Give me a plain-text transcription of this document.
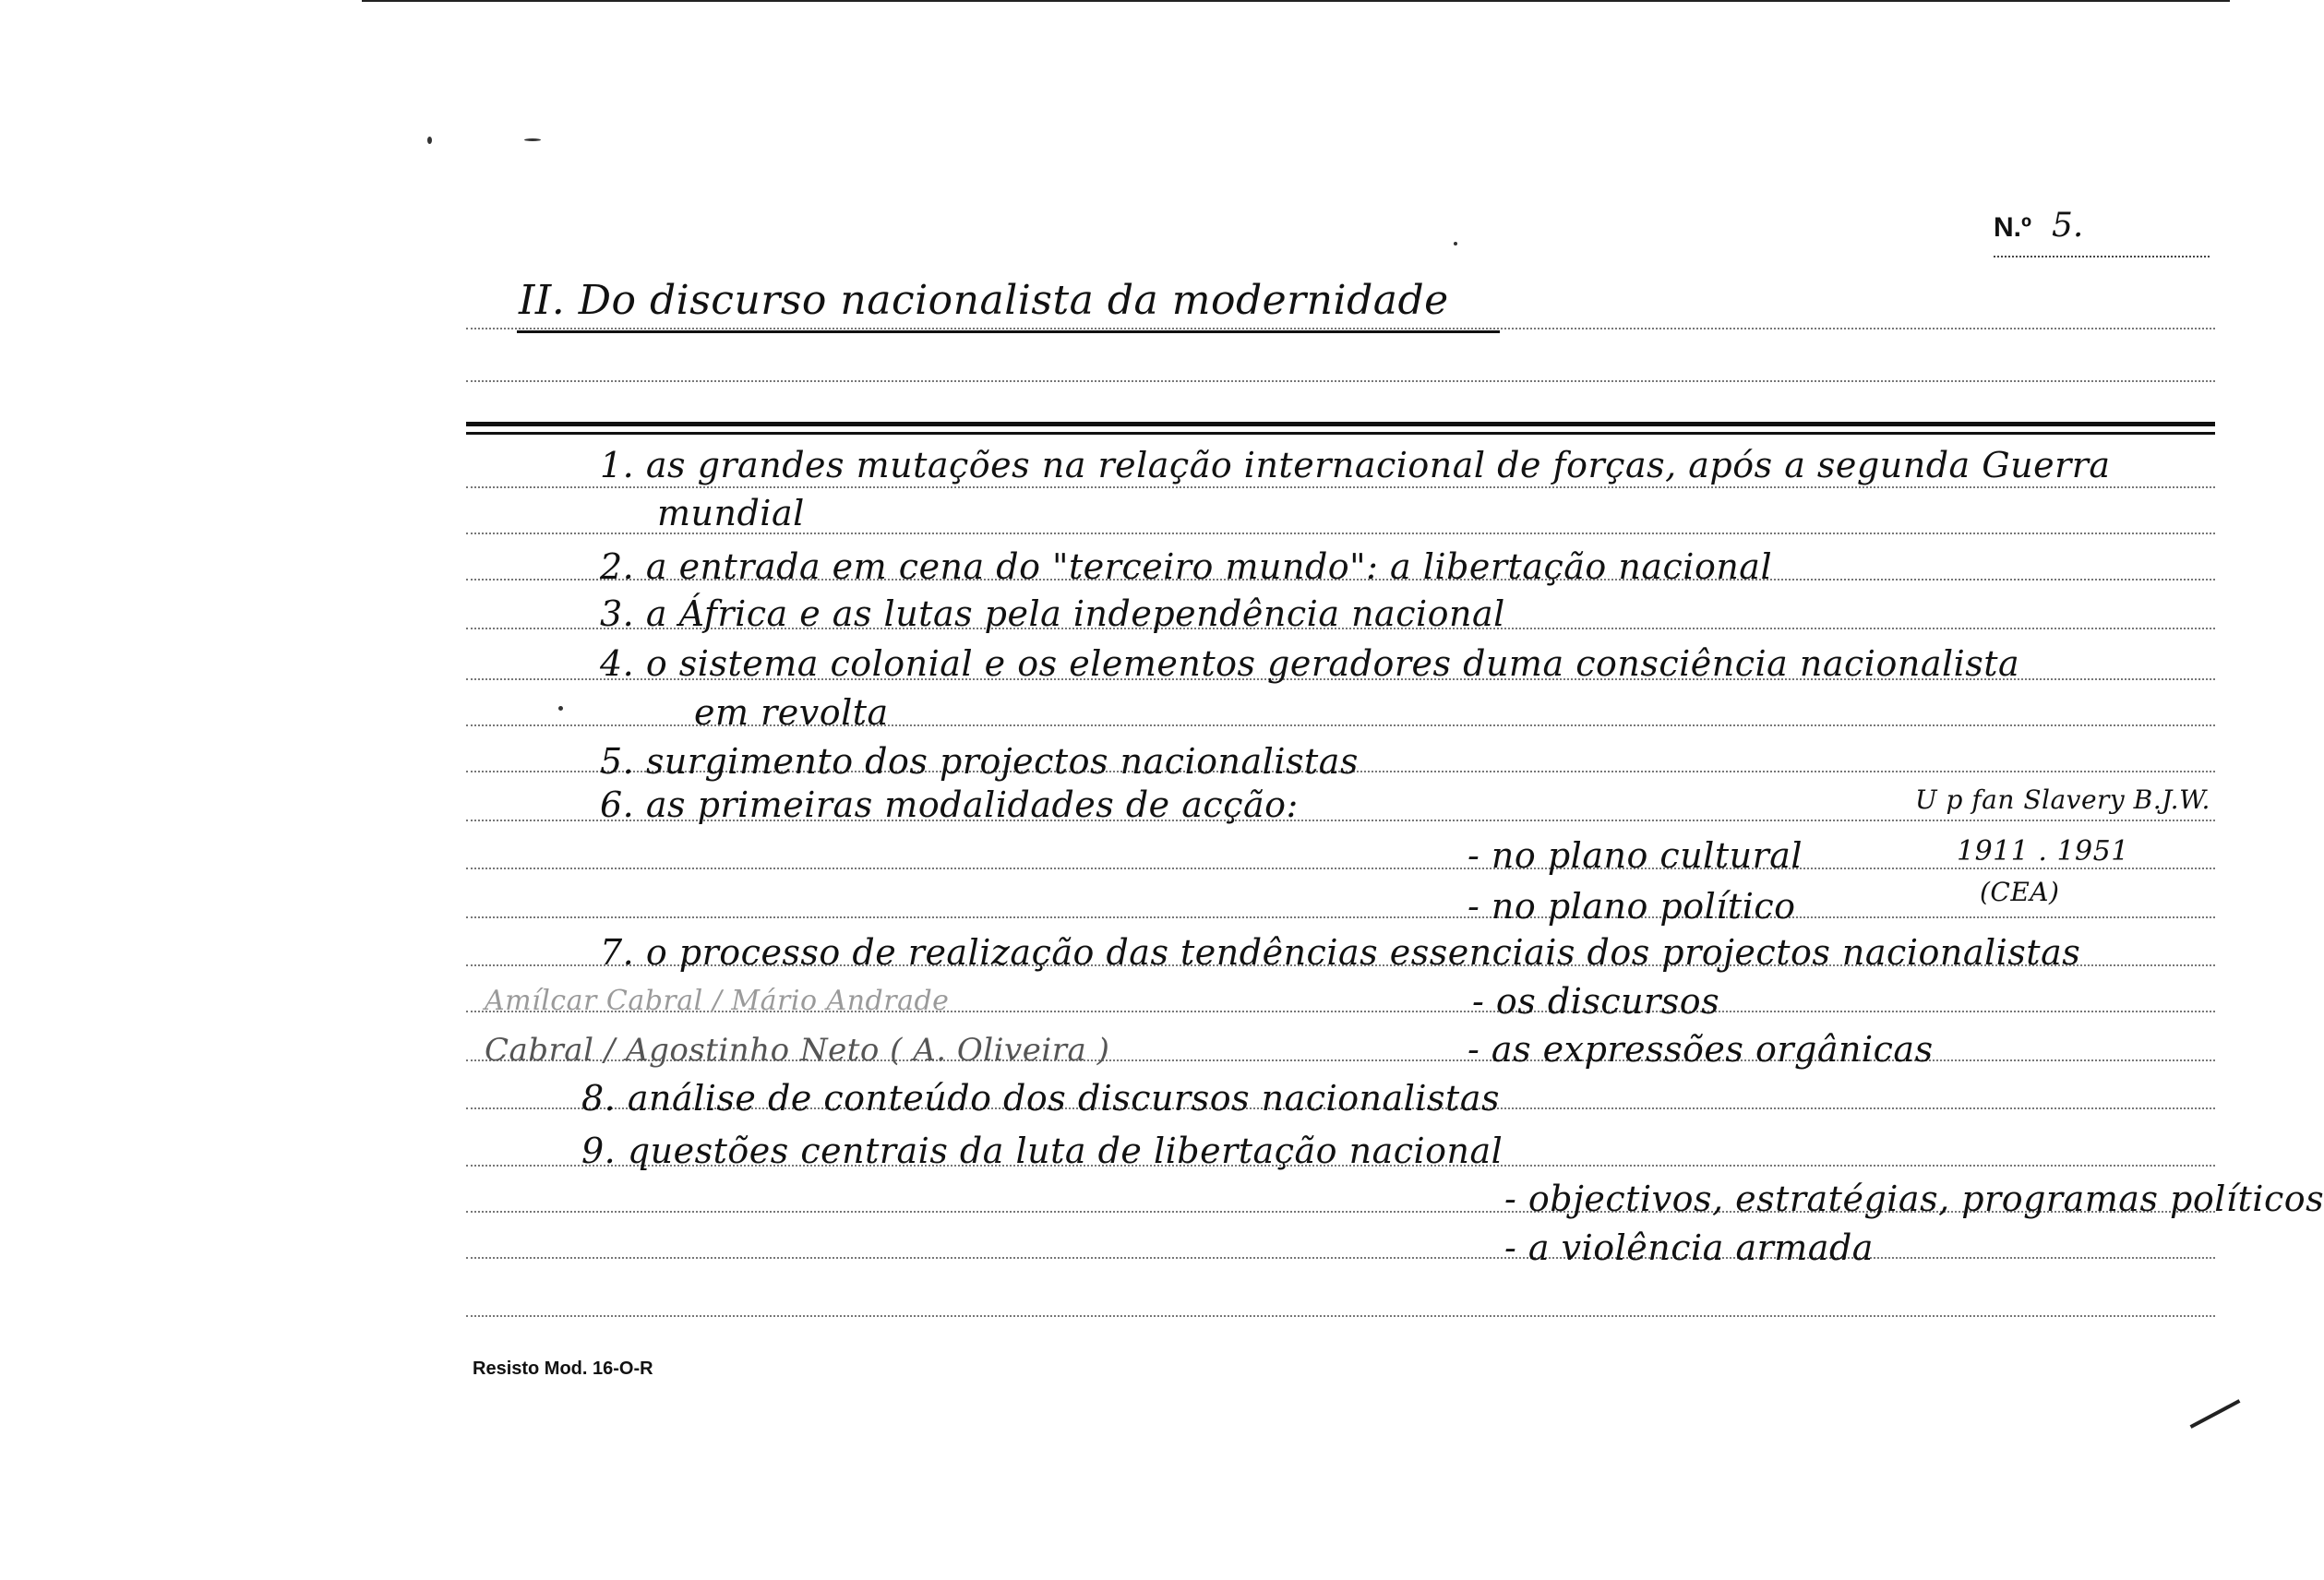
N.º 5.
II. Do discurso nacionalista da modernidade
1. as grandes mutações na relação internacional de forças, após a segunda Guerra
mundial
2. a entrada em cena do "terceiro mundo": a libertação nacional
3. a África e as lutas pela independência nacional
4. o sistema colonial e os elementos geradores duma consciência nacionalista
em revolta
5. surgimento dos projectos nacionalistas
6. as primeiras modalidades de acção:
- no plano cultural
- no plano político
7. o processo de realização das tendências essenciais dos projectos nacionalistas
- os discursos
- as expressões orgânicas
8. análise de conteúdo dos discursos nacionalistas
9. questões centrais da luta de libertação nacional
- objectivos, estratégias, programas políticos
- a violência armada
U p fan Slavery B.J.W.
1911 . 1951
(CEA)
Amílcar Cabral / Mário Andrade
Cabral / Agostinho Neto ( A. Oliveira )
Resisto Mod. 16-O-R
